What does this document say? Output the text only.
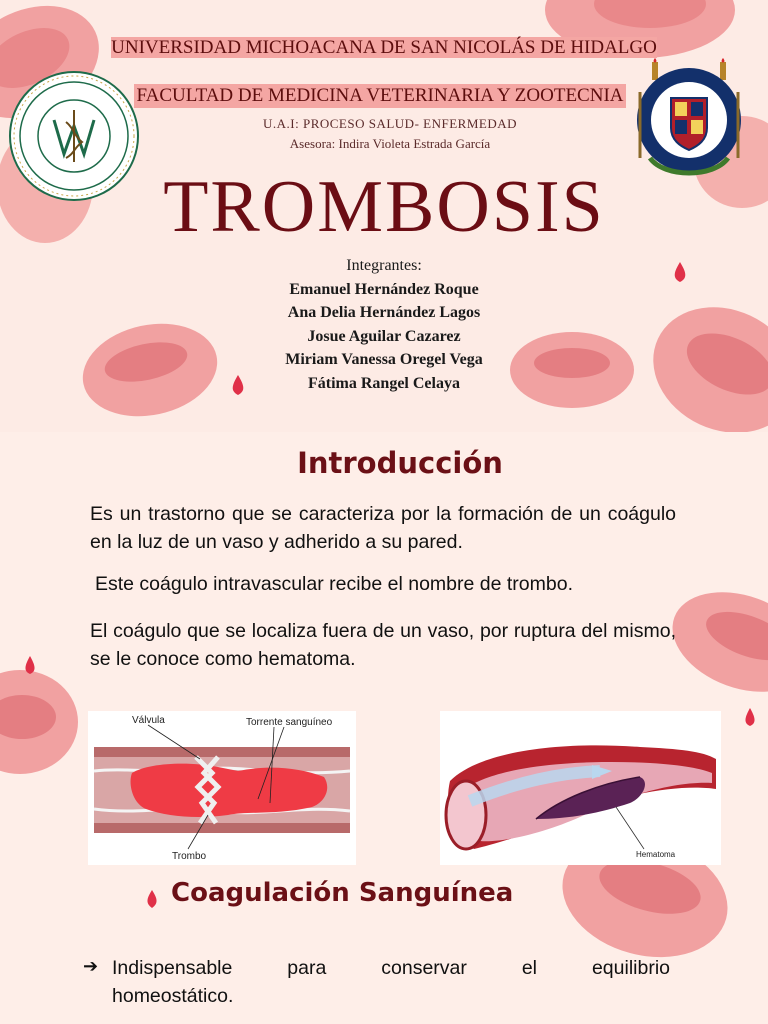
UNIVERSIDAD MICHOACANA DE SAN NICOLÁS DE HIDALGO
FACULTAD DE MEDICINA VETERINARIA Y ZOOTECNIA
U.A.I: PROCESO SALUD- ENFERMEDAD
Asesora: Indira Violeta Estrada García
TROMBOSIS
Integrantes:
Emanuel Hernández Roque
Ana Delia Hernández Lagos
Josue Aguilar Cazarez
Miriam Vanessa Oregel Vega
Fátima Rangel Celaya
Introducción
Es un trastorno que se caracteriza por la formación de un coágulo en la luz de un vaso y adherido a su pared.
Este coágulo intravascular recibe el nombre de trombo.
El coágulo que se localiza fuera de un vaso, por ruptura del mismo, se le conoce como hematoma.
Válvula	Torrente sanguíneo
Trombo	Hematoma
Coagulación Sanguínea
➔ Indispensable para conservar el equilibrio
homeostático.
